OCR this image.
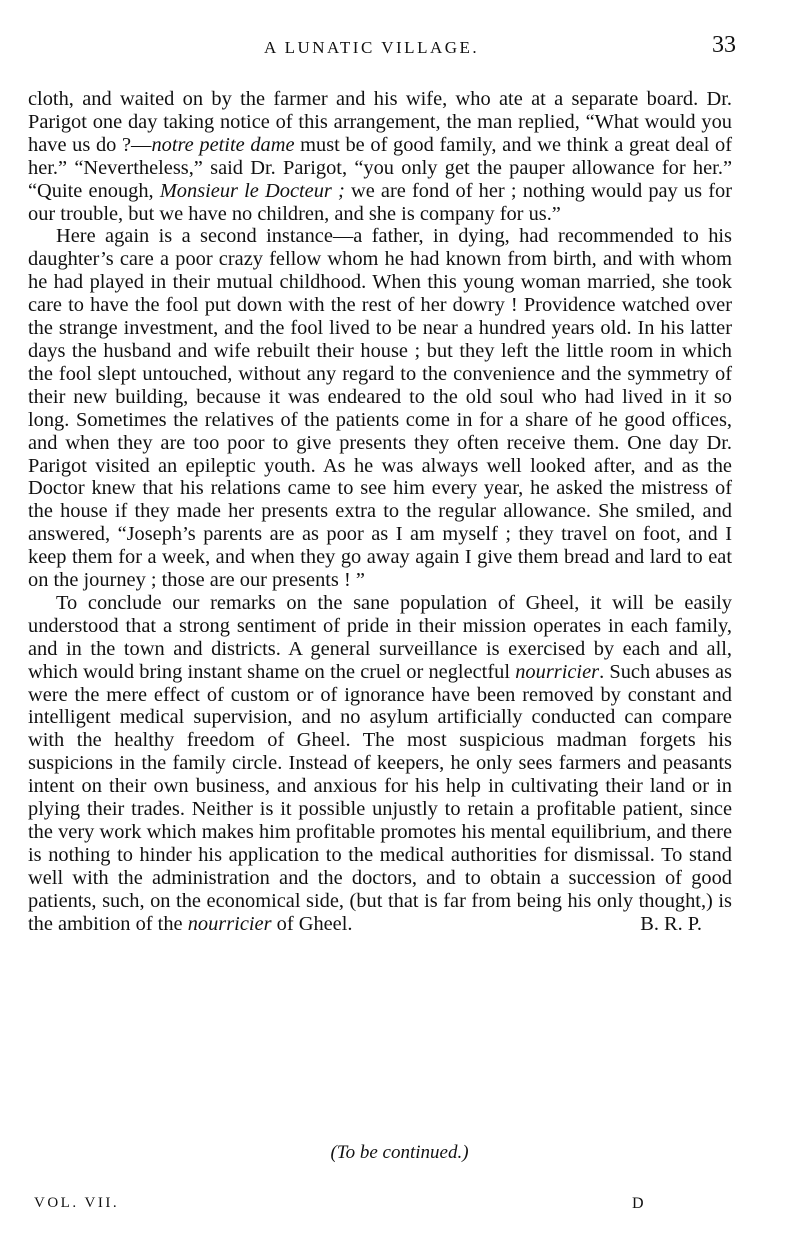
A LUNATIC VILLAGE.	33

cloth, and waited on by the farmer and his wife, who ate at a separate board. Dr. Parigot one day taking notice of this arrangement, the man replied, “What would you have us do ?—notre petite dame must be of good family, and we think a great deal of her.” “Nevertheless,” said Dr. Parigot, “you only get the pauper allowance for her.” “Quite enough, Monsieur le Docteur ; we are fond of her ; nothing would pay us for our trouble, but we have no children, and she is company for us.”

Here again is a second instance—a father, in dying, had recommended to his daughter’s care a poor crazy fellow whom he had known from birth, and with whom he had played in their mutual childhood. When this young woman married, she took care to have the fool put down with the rest of her dowry ! Providence watched over the strange investment, and the fool lived to be near a hundred years old. In his latter days the husband and wife rebuilt their house ; but they left the little room in which the fool slept untouched, without any regard to the convenience and the symmetry of their new building, because it was endeared to the old soul who had lived in it so long. Sometimes the relatives of the patients come in for a share of he good offices, and when they are too poor to give presents they often receive them. One day Dr. Parigot visited an epileptic youth. As he was always well looked after, and as the Doctor knew that his relations came to see him every year, he asked the mistress of the house if they made her presents extra to the regular allowance. She smiled, and answered, “Joseph’s parents are as poor as I am myself ; they travel on foot, and I keep them for a week, and when they go away again I give them bread and lard to eat on the journey ; those are our presents ! ”

To conclude our remarks on the sane population of Gheel, it will be easily understood that a strong sentiment of pride in their mission operates in each family, and in the town and districts. A general surveillance is exercised by each and all, which would bring instant shame on the cruel or neglectful nourricier. Such abuses as were the mere effect of custom or of ignorance have been removed by constant and intelligent medical supervision, and no asylum artificially conducted can compare with the healthy freedom of Gheel. The most suspicious madman forgets his suspicions in the family circle. Instead of keepers, he only sees farmers and peasants intent on their own business, and anxious for his help in cultivating their land or in plying their trades. Neither is it possible unjustly to retain a profitable patient, since the very work which makes him profitable promotes his mental equilibrium, and there is nothing to hinder his application to the medical authorities for dismissal. To stand well with the administration and the doctors, and to obtain a succession of good patients, such, on the economical side, (but that is far from being his only thought,) is the ambition of the nourricier of Gheel.	B. R. P.

(To be continued.)
VOL. VII.	D
